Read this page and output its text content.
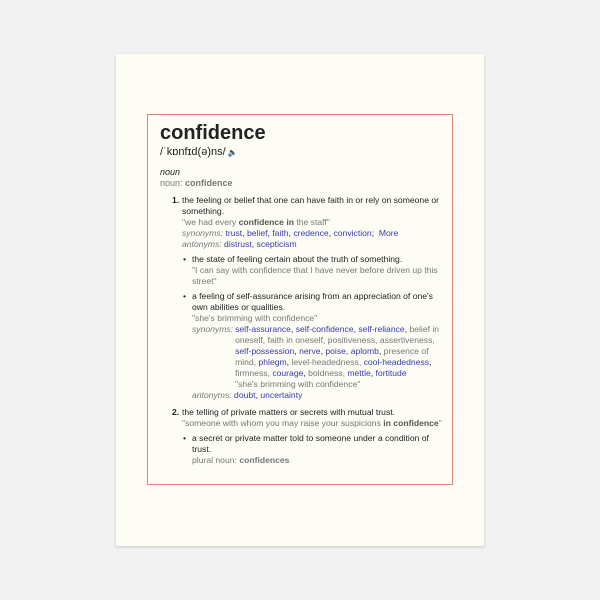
confidence
/ˈkɒnfɪd(ə)ns/ 🔈
noun
noun: confidence
1. the feeling or belief that one can have faith in or rely on someone or something.
"we had every confidence in the staff"
synonyms: trust, belief, faith, credence, conviction;  More
antonyms: distrust, scepticism
• the state of feeling certain about the truth of something.
"I can say with confidence that I have never before driven up this street"
• a feeling of self-assurance arising from an appreciation of one's own abilities or qualities.
"she's brimming with confidence"
synonyms: self-assurance, self-confidence, self-reliance, belief in oneself, faith in oneself, positiveness, assertiveness, self-possession, nerve, poise, aplomb, presence of mind, phlegm, level-headedness, cool-headedness, firmness, courage, boldness, mettle, fortitude
"she's brimming with confidence"
antonyms: doubt, uncertainty
2. the telling of private matters or secrets with mutual trust.
"someone with whom you may raise your suspicions in confidence"
• a secret or private matter told to someone under a condition of trust.
plural noun: confidences
